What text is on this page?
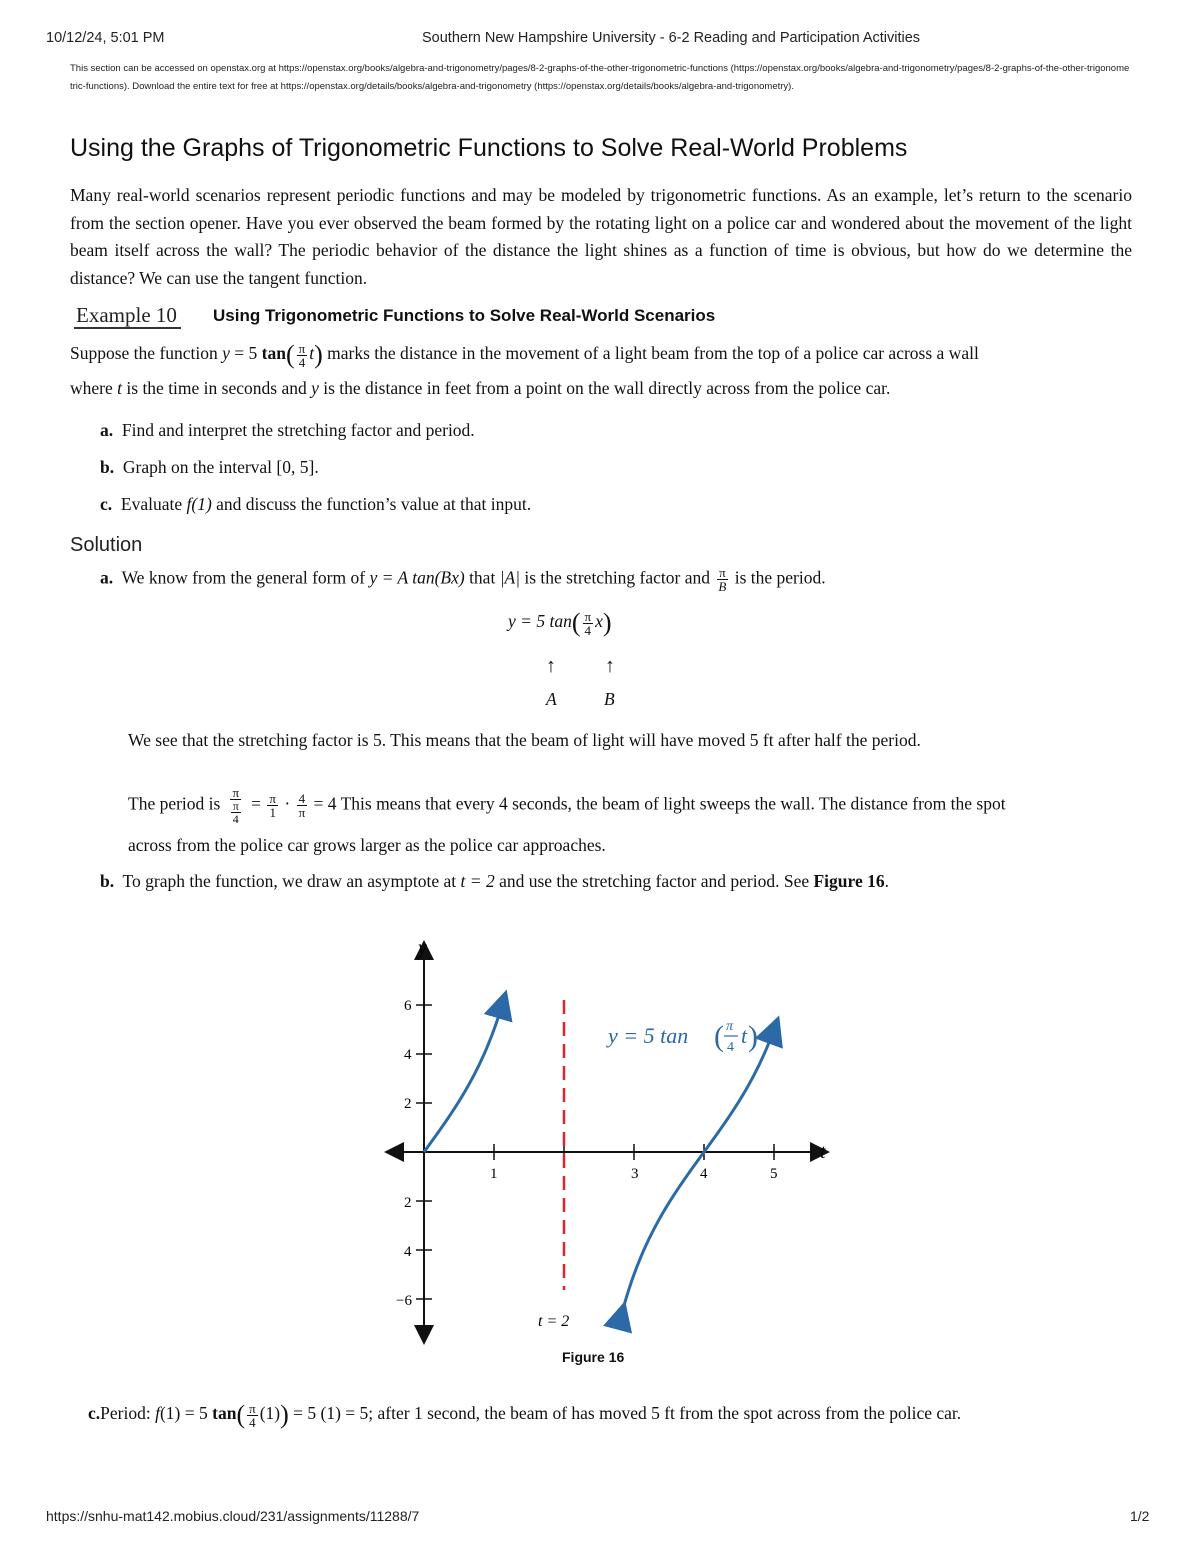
10/12/24, 5:01 PM	Southern New Hampshire University - 6-2 Reading and Participation Activities
This section can be accessed on openstax.org at https://openstax.org/books/algebra-and-trigonometry/pages/8-2-graphs-of-the-other-trigonometric-functions (https://openstax.org/books/algebra-and-trigonometry/pages/8-2-graphs-of-the-other-trigonometric-functions). Download the entire text for free at https://openstax.org/details/books/algebra-and-trigonometry (https://openstax.org/details/books/algebra-and-trigonometry).
Using the Graphs of Trigonometric Functions to Solve Real-World Problems
Many real-world scenarios represent periodic functions and may be modeled by trigonometric functions. As an example, let’s return to the scenario from the section opener. Have you ever observed the beam formed by the rotating light on a police car and wondered about the movement of the light beam itself across the wall? The periodic behavior of the distance the light shines as a function of time is obvious, but how do we determine the distance? We can use the tangent function.
Example 10 Using Trigonometric Functions to Solve Real-World Scenarios
Suppose the function y = 5 $\tan( \frac{\pi}{4} t)$ marks the distance in the movement of a light beam from the top of a police car across a wall
where t is the time in seconds and y is the distance in feet from a point on the wall directly across from the police car.
a. Find and interpret the stretching factor and period.
b. Graph on the interval [0, 5].
c. Evaluate f(1) and discuss the function’s value at that input.
Solution
a. We know from the general form of y = A tan(Bx) that |A| is the stretching factor and $\frac{\pi}{B}$ is the period.
y = 5 $\tan( \frac{\pi}{4} x)$
↑ ↑
A	B
We see that the stretching factor is 5. This means that the beam of light will have moved 5 ft after half the period.
The period is $\frac{\pi}{\frac{\pi}{4}} = \frac{\pi}{1} \cdot \frac{4}{\pi} = 4$ This means that every 4 seconds, the beam of light sweeps the wall. The distance from the spot
across from the police car grows larger as the police car approaches.
b. To graph the function, we draw an asymptote at t = 2 and use the stretching factor and period. See Figure 16.
y
t
1	3	4	5
6
4
2
2
4
−6
t = 2
y = 5 tan ( π
4 t )
Figure 16
c.Period: f(1) = 5 $\tan( \frac{\pi}{4} (1)) = 5$ (1) = 5; after 1 second, the beam of has moved 5 ft from the spot across from the police car.
https://snhu-mat142.mobius.cloud/231/assignments/11288/7	1/2
